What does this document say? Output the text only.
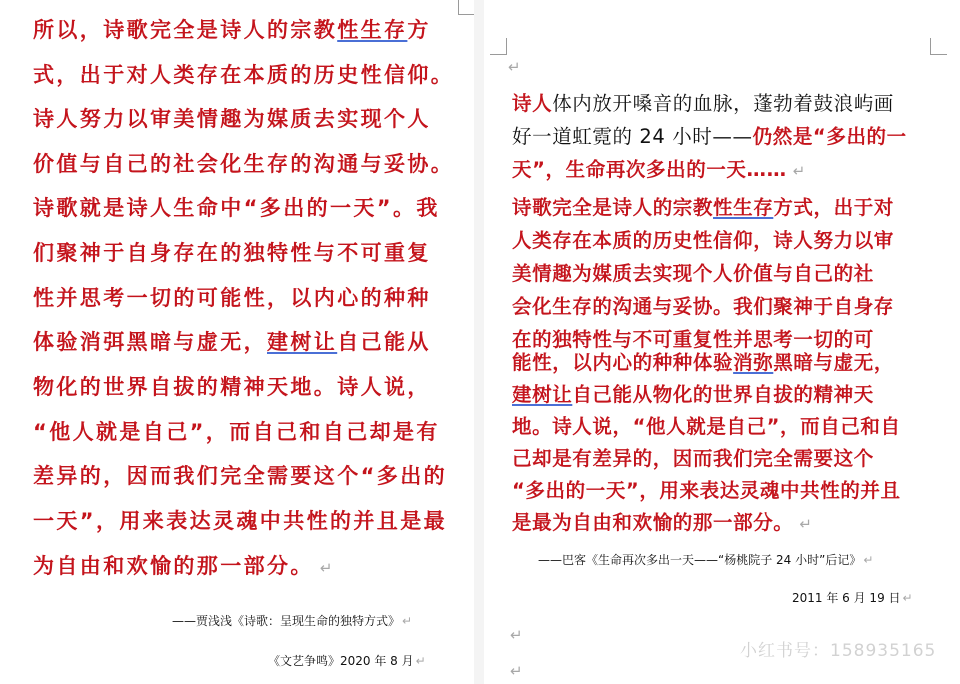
所以，诗歌完全是诗人的宗教性生存方
式，出于对人类存在本质的历史性信仰。
诗人努力以审美情趣为媒质去实现个人
价值与自己的社会化生存的沟通与妥协。
诗歌就是诗人生命中“多出的一天”。我
们聚神于自身存在的独特性与不可重复
性并思考一切的可能性，以内心的种种
体验消弭黑暗与虚无，建树让自己能从
物化的世界自拔的精神天地。诗人说，
“他人就是自己”，而自己和自己却是有
差异的，因而我们完全需要这个“多出的
一天”，用来表达灵魂中共性的并且是最
为自由和欢愉的那一部分。 ↵
——贾浅浅《诗歌：呈现生命的独特方式》 ↵
《文艺争鸣》2020 年 8 月 ↵
↵
诗人体内放开嗓音的血脉，蓬勃着鼓浪屿画
好一道虹霓的 24 小时——仍然是“多出的一
天”，生命再次多出的一天…… ↵
诗歌完全是诗人的宗教性生存方式，出于对
人类存在本质的历史性信仰，诗人努力以审
美情趣为媒质去实现个人价值与自己的社
会化生存的沟通与妥协。我们聚神于自身存
在的独特性与不可重复性并思考一切的可
能性，以内心的种种体验消弥黑暗与虚无，
建树让自己能从物化的世界自拔的精神天
地。诗人说，“他人就是自己”，而自己和自
己却是有差异的，因而我们完全需要这个
“多出的一天”，用来表达灵魂中共性的并且
是最为自由和欢愉的那一部分。 ↵
——巴客《生命再次多出一天——“杨桃院子 24 小时”后记》 ↵
2011 年 6 月 19 日 ↵
↵
↵
小红书号：158935165
